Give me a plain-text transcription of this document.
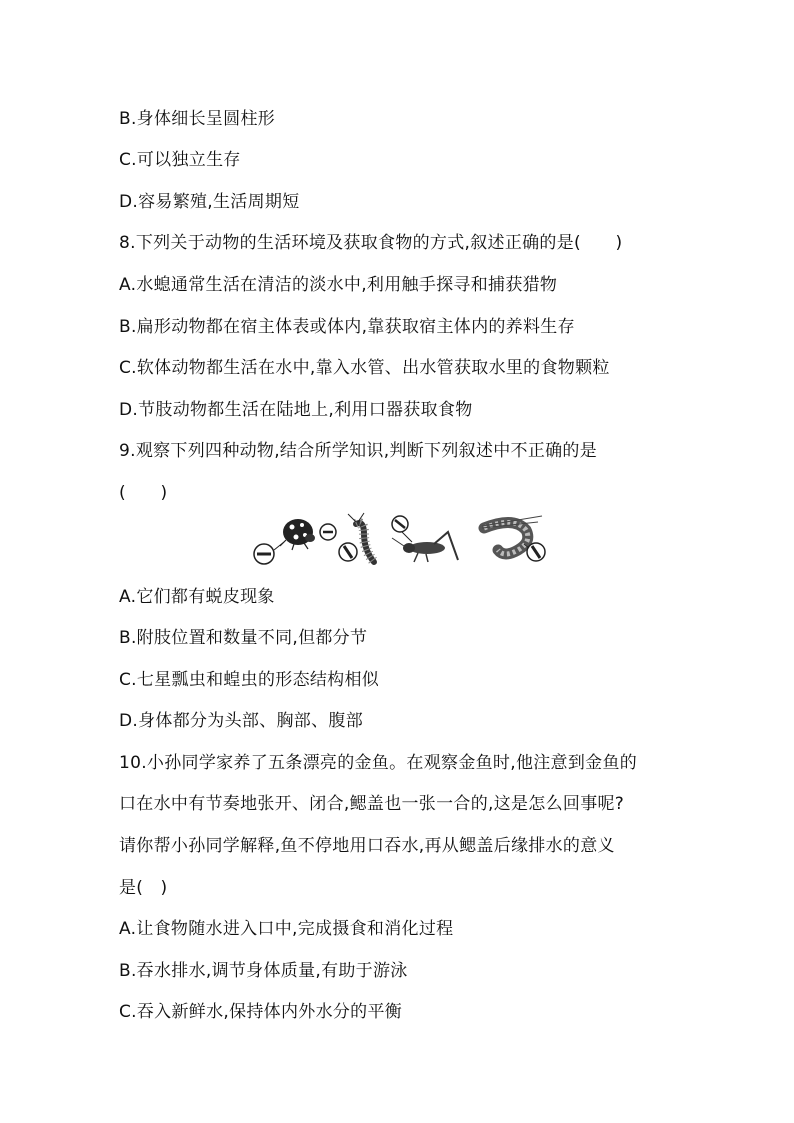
B.身体细长呈圆柱形
C.可以独立生存
D.容易繁殖,生活周期短
8.下列关于动物的生活环境及获取食物的方式,叙述正确的是(　　)
A.水螅通常生活在清洁的淡水中,利用触手探寻和捕获猎物
B.扁形动物都在宿主体表或体内,靠获取宿主体内的养料生存
C.软体动物都生活在水中,靠入水管、出水管获取水里的食物颗粒
D.节肢动物都生活在陆地上,利用口器获取食物
9.观察下列四种动物,结合所学知识,判断下列叙述中不正确的是
(　　)
A.它们都有蜕皮现象
B.附肢位置和数量不同,但都分节
C.七星瓢虫和蝗虫的形态结构相似
D.身体都分为头部、胸部、腹部
10.小孙同学家养了五条漂亮的金鱼。在观察金鱼时,他注意到金鱼的
口在水中有节奏地张开、闭合,鳃盖也一张一合的,这是怎么回事呢?
请你帮小孙同学解释,鱼不停地用口吞水,再从鳃盖后缘排水的意义
是(　)
A.让食物随水进入口中,完成摄食和消化过程
B.吞水排水,调节身体质量,有助于游泳
C.吞入新鲜水,保持体内外水分的平衡
